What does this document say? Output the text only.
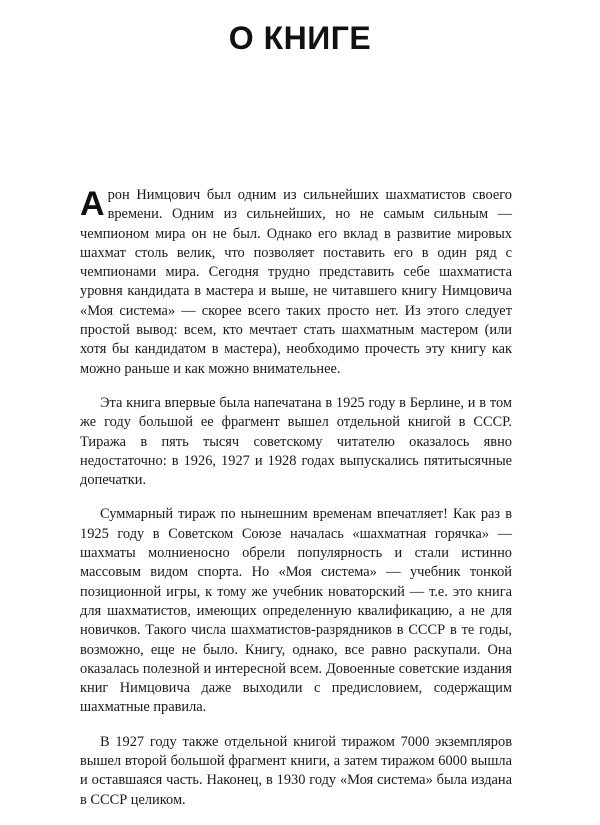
О КНИГЕ

Арон Нимцович был одним из сильнейших шахматистов своего времени. Одним из сильнейших, но не самым сильным — чемпионом мира он не был. Однако его вклад в развитие мировых шахмат столь велик, что позволяет поставить его в один ряд с чемпионами мира. Сегодня трудно представить себе шахматиста уровня кандидата в мастера и выше, не читавшего книгу Нимцовича «Моя система» — скорее всего таких просто нет. Из этого следует простой вывод: всем, кто мечтает стать шахматным мастером (или хотя бы кандидатом в мастера), необходимо прочесть эту книгу как можно раньше и как можно внимательнее.

Эта книга впервые была напечатана в 1925 году в Берлине, и в том же году большой ее фрагмент вышел отдельной книгой в СССР. Тиража в пять тысяч советскому читателю оказалось явно недостаточно: в 1926, 1927 и 1928 годах выпускались пятитысячные допечатки.

Суммарный тираж по нынешним временам впечатляет! Как раз в 1925 году в Советском Союзе началась «шахматная горячка» — шахматы молниеносно обрели популярность и стали истинно массовым видом спорта. Но «Моя система» — учебник тонкой позиционной игры, к тому же учебник новаторский — т.е. это книга для шахматистов, имеющих определенную квалификацию, а не для новичков. Такого числа шахматистов-разрядников в СССР в те годы, возможно, еще не было. Книгу, однако, все равно раскупали. Она оказалась полезной и интересной всем. Довоенные советские издания книг Нимцовича даже выходили с предисловием, содержащим шахматные правила.

В 1927 году также отдельной книгой тиражом 7000 экземпляров вышел второй большой фрагмент книги, а затем тиражом 6000 вышла и оставшаяся часть. Наконец, в 1930 году «Моя система» была издана в СССР целиком.
